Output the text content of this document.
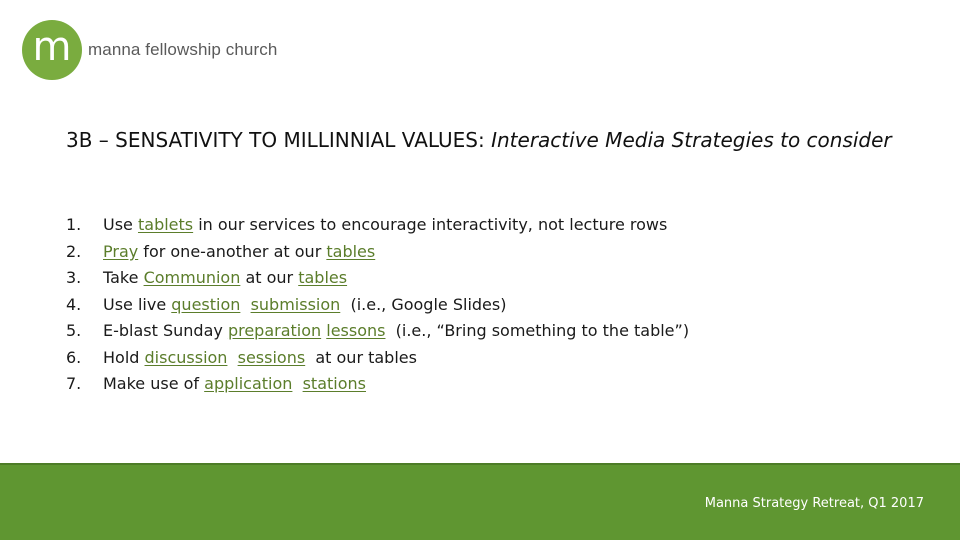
m manna fellowship church
3B – SENSATIVITY TO MILLINNIAL VALUES: Interactive Media Strategies to consider
1.	Use tablets in our services to encourage interactivity, not lecture rows
2.	Pray for one-another at our tables
3.	Take Communion at our tables
4.	Use live question submission  (i.e., Google Slides)
5.	E-blast Sunday preparation lessons  (i.e., “Bring something to the table”)
6.	Hold discussion sessions  at our tables
7.	Make use of application stations
Manna Strategy Retreat, Q1 2017
